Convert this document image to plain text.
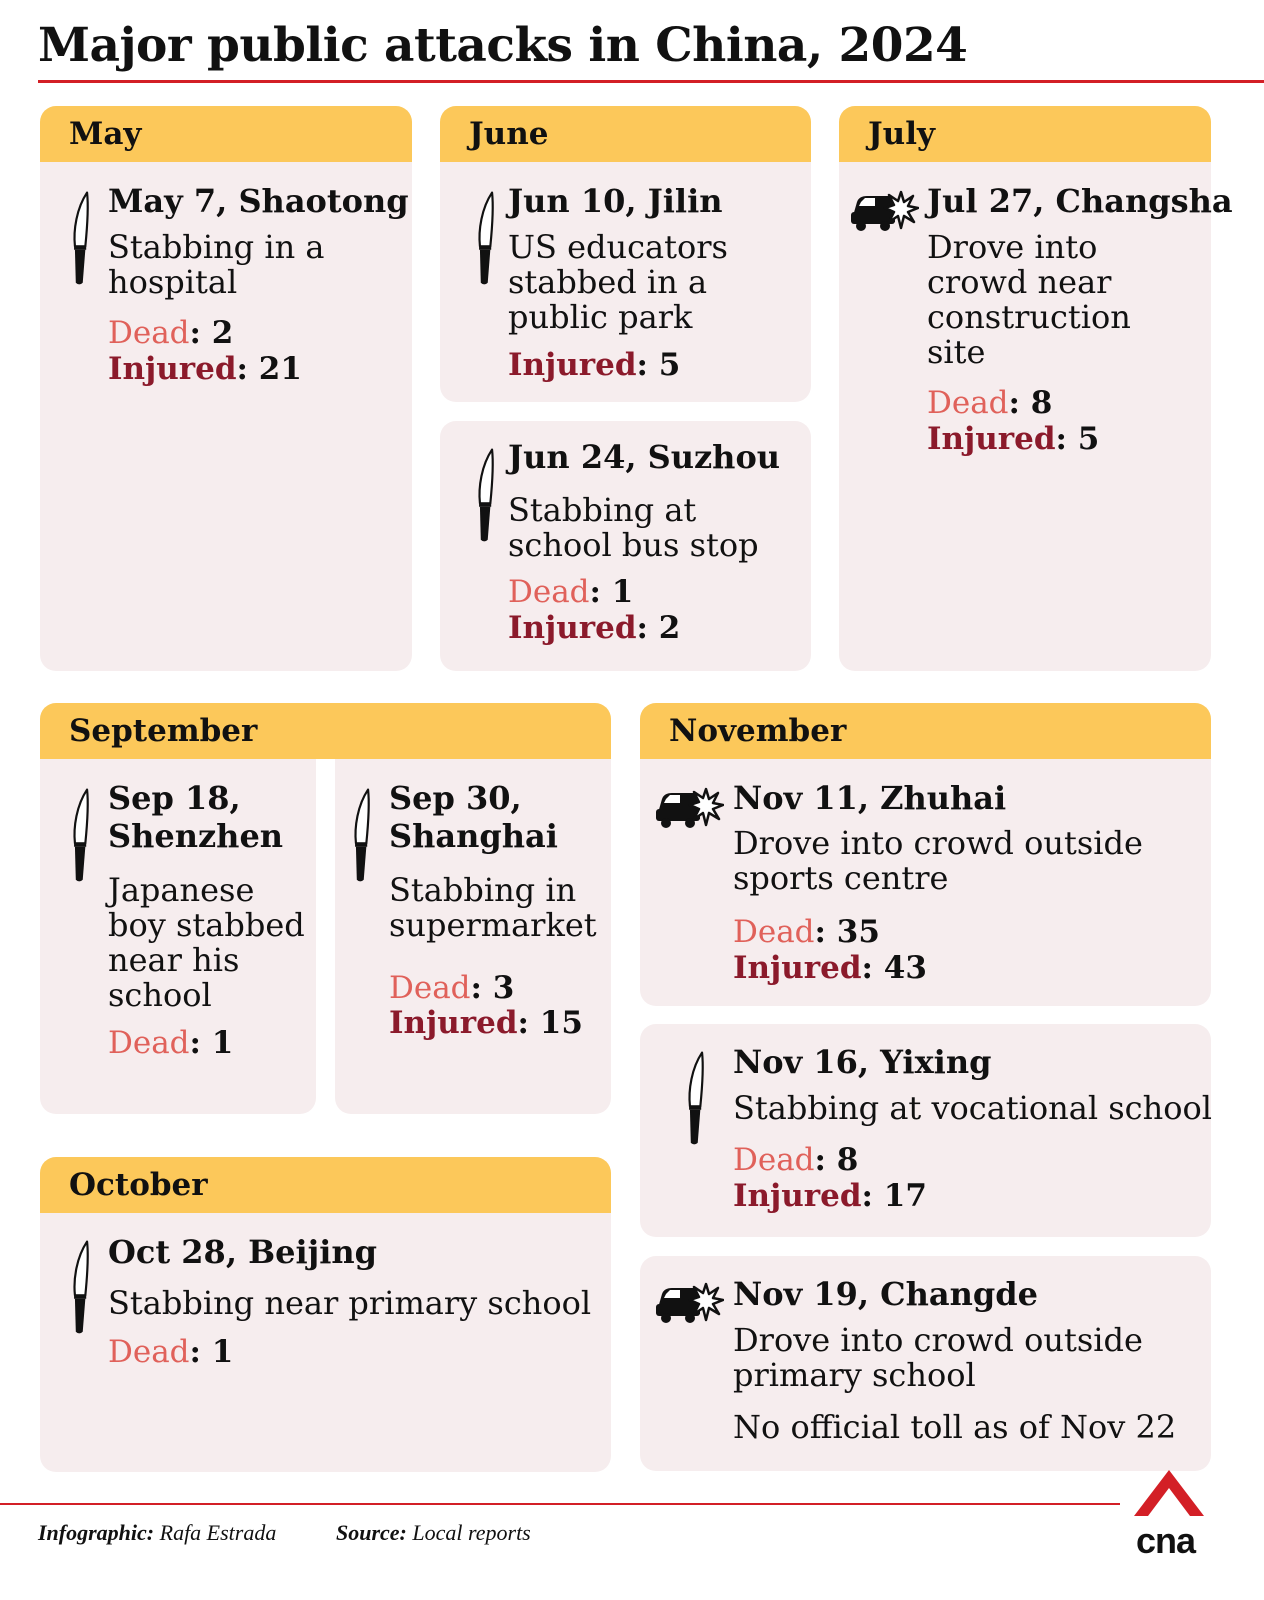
Major public attacks in China, 2024
May
May 7, Shaotong
Stabbing in a
hospital
Dead: 2
Injured: 21
June
Jun 10, Jilin
US educators
stabbed in a
public park
Injured: 5
Jun 24, Suzhou
Stabbing at
school bus stop
Dead: 1
Injured: 2
July
Jul 27, Changsha
Drove into
crowd near
construction
site
Dead: 8
Injured: 5
September
Sep 18,
Shenzhen
Japanese
boy stabbed
near his
school
Dead: 1
Sep 30,
Shanghai
Stabbing in
supermarket
Dead: 3
Injured: 15
October
Oct 28, Beijing
Stabbing near primary school
Dead: 1
November
Nov 11, Zhuhai
Drove into crowd outside
sports centre
Dead: 35
Injured: 43
Nov 16, Yixing
Stabbing at vocational school
Dead: 8
Injured: 17
Nov 19, Changde
Drove into crowd outside
primary school
No official toll as of Nov 22
Infographic: Rafa Estrada	Source: Local reports	cna
